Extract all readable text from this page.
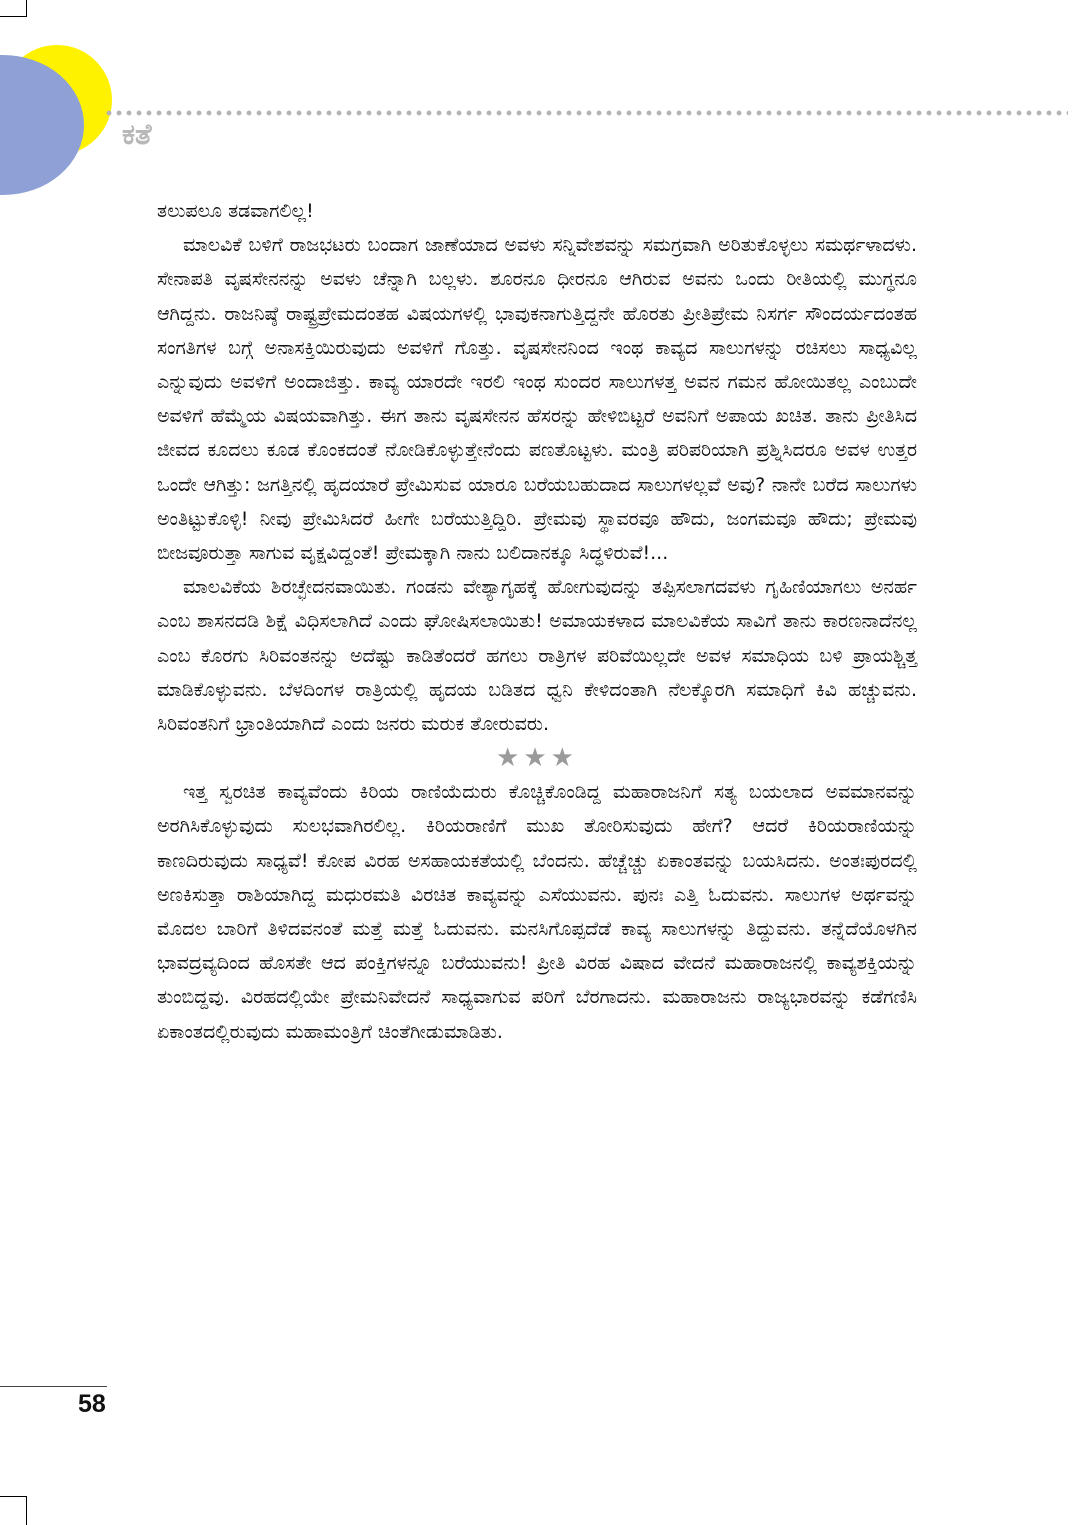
ಕತೆ

ತಲುಪಲೂ ತಡವಾಗಲಿಲ್ಲ!

ಮಾಲವಿಕೆ ಬಳಿಗೆ ರಾಜಭಟರು ಬಂದಾಗ ಜಾಣೆಯಾದ ಅವಳು ಸನ್ನಿವೇಶವನ್ನು ಸಮಗ್ರವಾಗಿ ಅರಿತುಕೊಳ್ಳಲು ಸಮರ್ಥಳಾದಳು. ಸೇನಾಪತಿ ವೃಷಸೇನನನ್ನು ಅವಳು ಚೆನ್ನಾಗಿ ಬಲ್ಲಳು. ಶೂರನೂ ಧೀರನೂ ಆಗಿರುವ ಅವನು ಒಂದು ರೀತಿಯಲ್ಲಿ ಮುಗ್ಧನೂ ಆಗಿದ್ದನು. ರಾಜನಿಷ್ಠೆ ರಾಷ್ಟ್ರಪ್ರೇಮದಂತಹ ವಿಷಯಗಳಲ್ಲಿ ಭಾವುಕನಾಗುತ್ತಿದ್ದನೇ ಹೊರತು ಪ್ರೀತಿಪ್ರೇಮ ನಿಸರ್ಗ ಸೌಂದರ್ಯದಂತಹ ಸಂಗತಿಗಳ ಬಗ್ಗೆ ಅನಾಸಕ್ತಿಯಿರುವುದು ಅವಳಿಗೆ ಗೊತ್ತು. ವೃಷಸೇನನಿಂದ ಇಂಥ ಕಾವ್ಯದ ಸಾಲುಗಳನ್ನು ರಚಿಸಲು ಸಾಧ್ಯವಿಲ್ಲ ಎನ್ನುವುದು ಅವಳಿಗೆ ಅಂದಾಜಿತ್ತು. ಕಾವ್ಯ ಯಾರದೇ ಇರಲಿ ಇಂಥ ಸುಂದರ ಸಾಲುಗಳತ್ತ ಅವನ ಗಮನ ಹೋಯಿತಲ್ಲ ಎಂಬುದೇ ಅವಳಿಗೆ ಹೆಮ್ಮೆಯ ವಿಷಯವಾಗಿತ್ತು. ಈಗ ತಾನು ವೃಷಸೇನನ ಹೆಸರನ್ನು ಹೇಳಿಬಿಟ್ಟರೆ ಅವನಿಗೆ ಅಪಾಯ ಖಚಿತ. ತಾನು ಪ್ರೀತಿಸಿದ ಜೀವದ ಕೂದಲು ಕೂಡ ಕೊಂಕದಂತೆ ನೋಡಿಕೊಳ್ಳುತ್ತೇನೆಂದು ಪಣತೊಟ್ಟಳು. ಮಂತ್ರಿ ಪರಿಪರಿಯಾಗಿ ಪ್ರಶ್ನಿಸಿದರೂ ಅವಳ ಉತ್ತರ ಒಂದೇ ಆಗಿತ್ತು: ಜಗತ್ತಿನಲ್ಲಿ ಹೃದಯಾರೆ ಪ್ರೇಮಿಸುವ ಯಾರೂ ಬರೆಯಬಹುದಾದ ಸಾಲುಗಳಲ್ಲವೆ ಅವು? ನಾನೇ ಬರೆದ ಸಾಲುಗಳು ಅಂತಿಟ್ಟುಕೊಳ್ಳಿ! ನೀವು ಪ್ರೇಮಿಸಿದರೆ ಹೀಗೇ ಬರೆಯುತ್ತಿದ್ದಿರಿ. ಪ್ರೇಮವು ಸ್ಥಾವರವೂ ಹೌದು, ಜಂಗಮವೂ ಹೌದು; ಪ್ರೇಮವು ಬೀಜವೂರುತ್ತಾ ಸಾಗುವ ವೃಕ್ಷವಿದ್ದಂತೆ! ಪ್ರೇಮಕ್ಕಾಗಿ ನಾನು ಬಲಿದಾನಕ್ಕೂ ಸಿದ್ಧಳಿರುವೆ!...

ಮಾಲವಿಕೆಯ ಶಿರಚ್ಛೇದನವಾಯಿತು. ಗಂಡನು ವೇಶ್ಯಾಗೃಹಕ್ಕೆ ಹೋಗುವುದನ್ನು ತಪ್ಪಿಸಲಾಗದವಳು ಗೃಹಿಣಿಯಾಗಲು ಅನರ್ಹ ಎಂಬ ಶಾಸನದಡಿ ಶಿಕ್ಷೆ ವಿಧಿಸಲಾಗಿದೆ ಎಂದು ಘೋಷಿಸಲಾಯಿತು! ಅಮಾಯಕಳಾದ ಮಾಲವಿಕೆಯ ಸಾವಿಗೆ ತಾನು ಕಾರಣನಾದೆನಲ್ಲ ಎಂಬ ಕೊರಗು ಸಿರಿವಂತನನ್ನು ಅದೆಷ್ಟು ಕಾಡಿತೆಂದರೆ ಹಗಲು ರಾತ್ರಿಗಳ ಪರಿವೆಯಿಲ್ಲದೇ ಅವಳ ಸಮಾಧಿಯ ಬಳಿ ಪ್ರಾಯಶ್ಚಿತ್ತ ಮಾಡಿಕೊಳ್ಳುವನು. ಬೆಳದಿಂಗಳ ರಾತ್ರಿಯಲ್ಲಿ ಹೃದಯ ಬಡಿತದ ಧ್ವನಿ ಕೇಳಿದಂತಾಗಿ ನೆಲಕ್ಕೊರಗಿ ಸಮಾಧಿಗೆ ಕಿವಿ ಹಚ್ಚುವನು. ಸಿರಿವಂತನಿಗೆ ಭ್ರಾಂತಿಯಾಗಿದೆ ಎಂದು ಜನರು ಮರುಕ ತೋರುವರು.

★★★

ಇತ್ತ ಸ್ವರಚಿತ ಕಾವ್ಯವೆಂದು ಕಿರಿಯ ರಾಣಿಯೆದುರು ಕೊಚ್ಚಿಕೊಂಡಿದ್ದ ಮಹಾರಾಜನಿಗೆ ಸತ್ಯ ಬಯಲಾದ ಅವಮಾನವನ್ನು ಅರಗಿಸಿಕೊಳ್ಳುವುದು ಸುಲಭವಾಗಿರಲಿಲ್ಲ. ಕಿರಿಯರಾಣಿಗೆ ಮುಖ ತೋರಿಸುವುದು ಹೇಗೆ? ಆದರೆ ಕಿರಿಯರಾಣಿಯನ್ನು ಕಾಣದಿರುವುದು ಸಾಧ್ಯವೆ! ಕೋಪ ವಿರಹ ಅಸಹಾಯಕತೆಯಲ್ಲಿ ಬೆಂದನು. ಹೆಚ್ಚೆಚ್ಚು ಏಕಾಂತವನ್ನು ಬಯಸಿದನು. ಅಂತಃಪುರದಲ್ಲಿ ಅಣಕಿಸುತ್ತಾ ರಾಶಿಯಾಗಿದ್ದ ಮಧುರಮತಿ ವಿರಚಿತ ಕಾವ್ಯವನ್ನು ಎಸೆಯುವನು. ಪುನಃ ಎತ್ತಿ ಓದುವನು. ಸಾಲುಗಳ ಅರ್ಥವನ್ನು ಮೊದಲ ಬಾರಿಗೆ ತಿಳಿದವನಂತೆ ಮತ್ತೆ ಮತ್ತೆ ಓದುವನು. ಮನಸಿಗೊಪ್ಪದೆಡೆ ಕಾವ್ಯ ಸಾಲುಗಳನ್ನು ತಿದ್ದುವನು. ತನ್ನೆದೆಯೊಳಗಿನ ಭಾವದ್ರವ್ಯದಿಂದ ಹೊಸತೇ ಆದ ಪಂಕ್ತಿಗಳನ್ನೂ ಬರೆಯುವನು! ಪ್ರೀತಿ ವಿರಹ ವಿಷಾದ ವೇದನೆ ಮಹಾರಾಜನಲ್ಲಿ ಕಾವ್ಯಶಕ್ತಿಯನ್ನು ತುಂಬಿದ್ದವು. ವಿರಹದಲ್ಲಿಯೇ ಪ್ರೇಮನಿವೇದನೆ ಸಾಧ್ಯವಾಗುವ ಪರಿಗೆ ಬೆರಗಾದನು. ಮಹಾರಾಜನು ರಾಜ್ಯಭಾರವನ್ನು ಕಡೆಗಣಿಸಿ ಏಕಾಂತದಲ್ಲಿರುವುದು ಮಹಾಮಂತ್ರಿಗೆ ಚಿಂತೆಗೀಡುಮಾಡಿತು.

58
